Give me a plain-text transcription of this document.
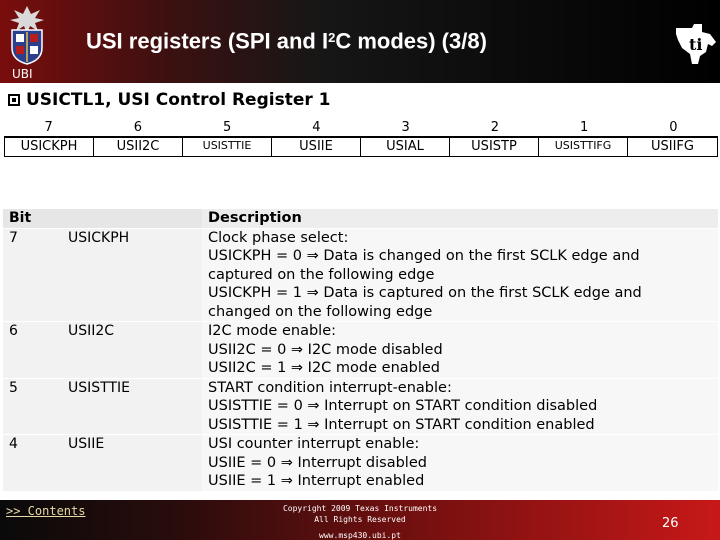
UBI
USI registers (SPI and $I^2C$ modes) (3/8)	ti
USICTL1, USI Control Register 1
7	6	5	4	3	2	1	0
USICKPH	USII2C	USISTTIE	USIIE	USIAL	USISTP	USISTTIFG	USIIFG
Bit	Description
7	USICKPH	Clock phase select:
USICKPH = 0 ⇒ Data is changed on the first SCLK edge and
captured on the following edge
USICKPH = 1 ⇒ Data is captured on the first SCLK edge and
changed on the following edge
6	USII2C	I2C mode enable:
USII2C = 0 ⇒ I2C mode disabled
USII2C = 1 ⇒ I2C mode enabled
5	USISTTIE	START condition interrupt-enable:
USISTTIE = 0 ⇒ Interrupt on START condition disabled
USISTTIE = 1 ⇒ Interrupt on START condition enabled
4	USIIE	USI counter interrupt enable:
USIIE = 0 ⇒ Interrupt disabled
USIIE = 1 ⇒ Interrupt enabled
>> Contents	Copyright 2009 Texas Instruments
All Rights Reserved
www.msp430.ubi.pt
26
